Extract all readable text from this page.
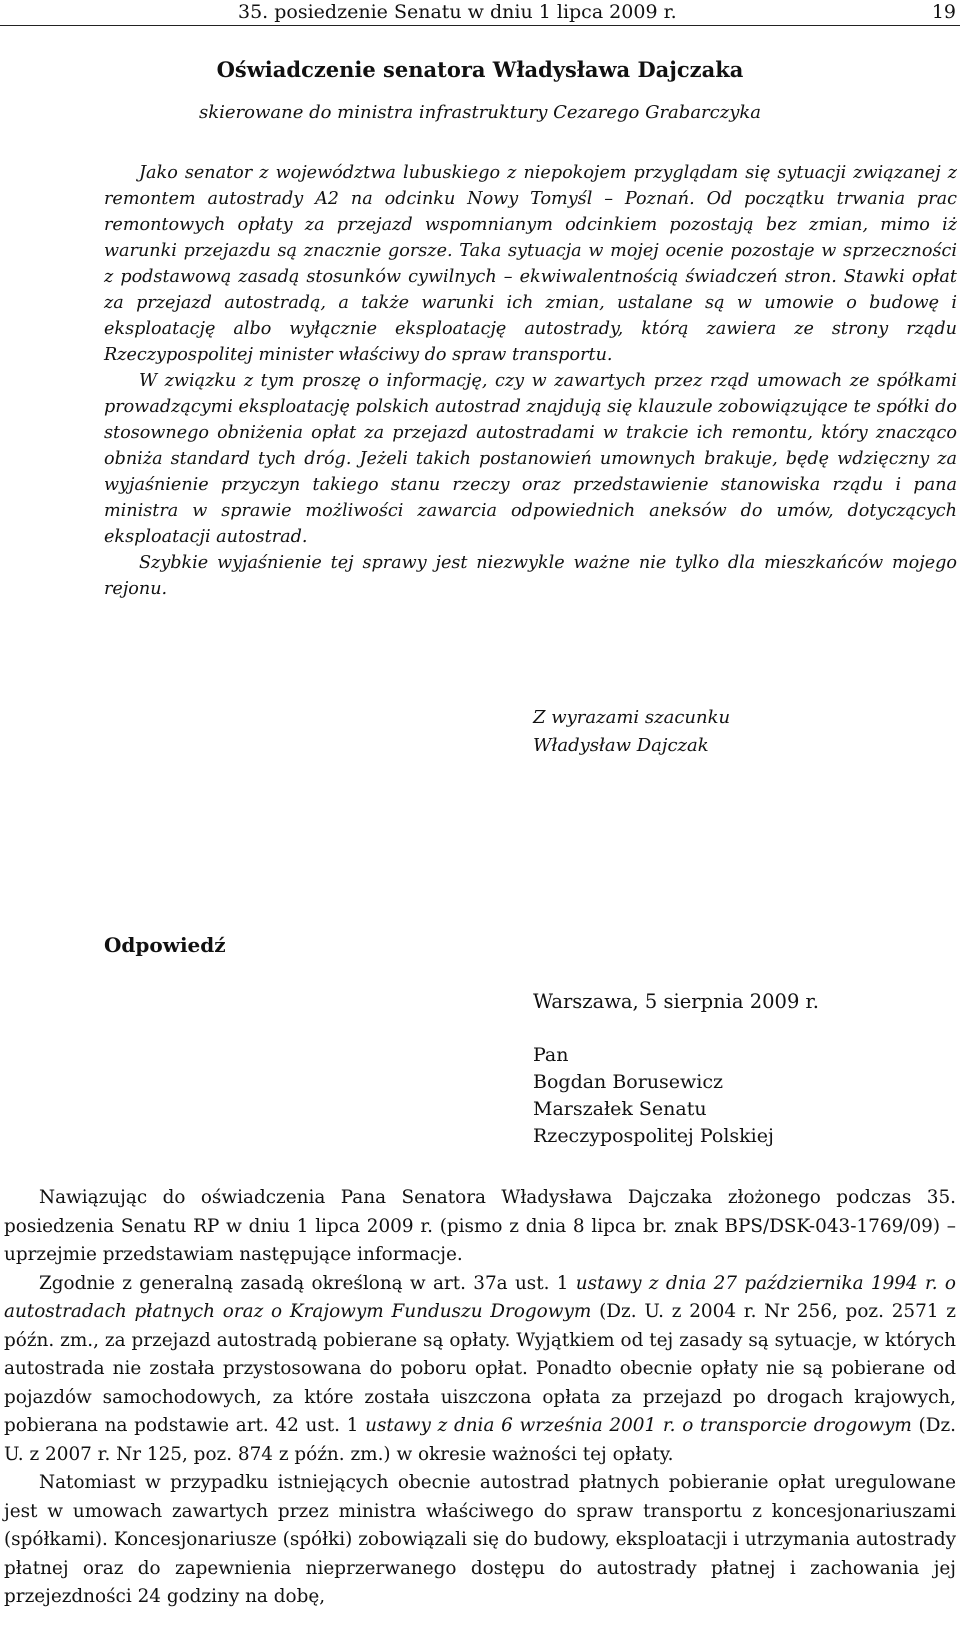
35. posiedzenie Senatu w dniu 1 lipca 2009 r.	19
Oświadczenie senatora Władysława Dajczaka
skierowane do ministra infrastruktury Cezarego Grabarczyka

Jako senator z województwa lubuskiego z niepokojem przyglądam się sytuacji związanej z remontem autostrady A2 na odcinku Nowy Tomyśl – Poznań. Od początku trwania prac remontowych opłaty za przejazd wspomnianym odcinkiem pozostają bez zmian, mimo iż warunki przejazdu są znacznie gorsze. Taka sytuacja w mojej ocenie pozostaje w sprzeczności z podstawową zasadą stosunków cywilnych – ekwiwalentnością świadczeń stron. Stawki opłat za przejazd autostradą, a także warunki ich zmian, ustalane są w umowie o budowę i eksploatację albo wyłącznie eksploatację autostrady, którą zawiera ze strony rządu Rzeczypospolitej minister właściwy do spraw transportu.

W związku z tym proszę o informację, czy w zawartych przez rząd umowach ze spółkami prowadzącymi eksploatację polskich autostrad znajdują się klauzule zobowiązujące te spółki do stosownego obniżenia opłat za przejazd autostradami w trakcie ich remontu, który znacząco obniża standard tych dróg. Jeżeli takich postanowień umownych brakuje, będę wdzięczny za wyjaśnienie przyczyn takiego stanu rzeczy oraz przedstawienie stanowiska rządu i pana ministra w sprawie możliwości zawarcia odpowiednich aneksów do umów, dotyczących eksploatacji autostrad.

Szybkie wyjaśnienie tej sprawy jest niezwykle ważne nie tylko dla mieszkańców mojego rejonu.

Z wyrazami szacunku
Władysław Dajczak
Odpowiedź
Warszawa, 5 sierpnia 2009 r.
Pan
Bogdan Borusewicz
Marszałek Senatu
Rzeczypospolitej Polskiej

Nawiązując do oświadczenia Pana Senatora Władysława Dajczaka złożonego podczas 35. posiedzenia Senatu RP w dniu 1 lipca 2009 r. (pismo z dnia 8 lipca br. znak BPS/DSK-043-1769/09) – uprzejmie przedstawiam następujące informacje.

Zgodnie z generalną zasadą określoną w art. 37a ust. 1 ustawy z dnia 27 października 1994 r. o autostradach płatnych oraz o Krajowym Funduszu Drogowym (Dz. U. z 2004 r. Nr 256, poz. 2571 z późn. zm., za przejazd autostradą pobierane są opłaty. Wyjątkiem od tej zasady są sytuacje, w których autostrada nie została przystosowana do poboru opłat. Ponadto obecnie opłaty nie są pobierane od pojazdów samochodowych, za które została uiszczona opłata za przejazd po drogach krajowych, pobierana na podstawie art. 42 ust. 1 ustawy z dnia 6 września 2001 r. o transporcie drogowym (Dz. U. z 2007 r. Nr 125, poz. 874 z późn. zm.) w okresie ważności tej opłaty.

Natomiast w przypadku istniejących obecnie autostrad płatnych pobieranie opłat uregulowane jest w umowach zawartych przez ministra właściwego do spraw transportu z koncesjonariuszami (spółkami). Koncesjonariusze (spółki) zobowiązali się do budowy, eksploatacji i utrzymania autostrady płatnej oraz do zapewnienia nieprzerwanego dostępu do autostrady płatnej i zachowania jej przejezdności 24 godziny na dobę,
